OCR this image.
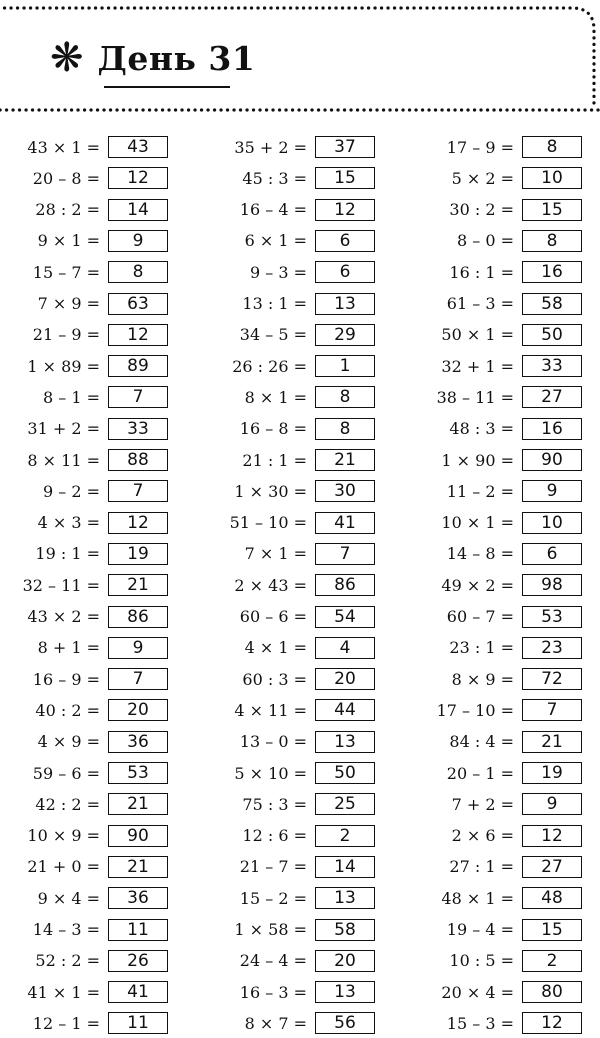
❋ День 31
43 × 1 =	43
20 – 8 =	12
28 : 2 =	14
9 × 1 =	9
15 – 7 =	8
7 × 9 =	63
21 – 9 =	12
1 × 89 =	89
8 – 1 =	7
31 + 2 =	33
8 × 11 =	88
9 – 2 =	7
4 × 3 =	12
19 : 1 =	19
32 – 11 =	21
43 × 2 =	86
8 + 1 =	9
16 – 9 =	7
40 : 2 =	20
4 × 9 =	36
59 – 6 =	53
42 : 2 =	21
10 × 9 =	90
21 + 0 =	21
9 × 4 =	36
14 – 3 =	11
52 : 2 =	26
41 × 1 =	41
12 – 1 =	11
35 + 2 =	37
45 : 3 =	15
16 – 4 =	12
6 × 1 =	6
9 – 3 =	6
13 : 1 =	13
34 – 5 =	29
26 : 26 =	1
8 × 1 =	8
16 – 8 =	8
21 : 1 =	21
1 × 30 =	30
51 – 10 =	41
7 × 1 =	7
2 × 43 =	86
60 – 6 =	54
4 × 1 =	4
60 : 3 =	20
4 × 11 =	44
13 – 0 =	13
5 × 10 =	50
75 : 3 =	25
12 : 6 =	2
21 – 7 =	14
15 – 2 =	13
1 × 58 =	58
24 – 4 =	20
16 – 3 =	13
8 × 7 =	56
17 – 9 =	8
5 × 2 =	10
30 : 2 =	15
8 – 0 =	8
16 : 1 =	16
61 – 3 =	58
50 × 1 =	50
32 + 1 =	33
38 – 11 =	27
48 : 3 =	16
1 × 90 =	90
11 – 2 =	9
10 × 1 =	10
14 – 8 =	6
49 × 2 =	98
60 – 7 =	53
23 : 1 =	23
8 × 9 =	72
17 – 10 =	7
84 : 4 =	21
20 – 1 =	19
7 + 2 =	9
2 × 6 =	12
27 : 1 =	27
48 × 1 =	48
19 – 4 =	15
10 : 5 =	2
20 × 4 =	80
15 – 3 =	12
